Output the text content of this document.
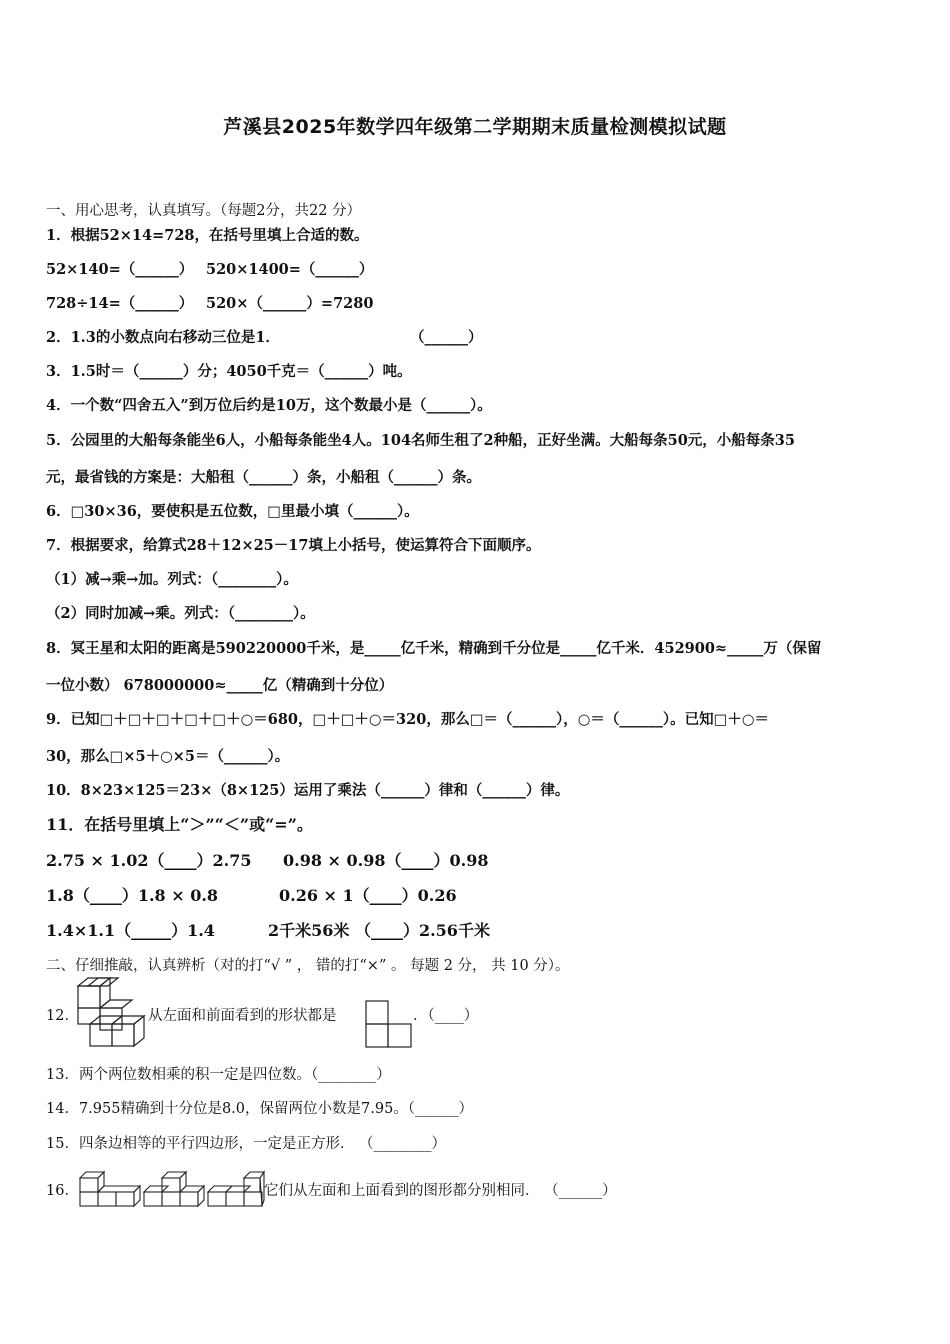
芦溪县2025年数学四年级第二学期期末质量检测模拟试题
一、用心思考，认真填写。（每题2分，共22 分）
1．根据52×14=728，在括号里填上合适的数。
52×140=（______） 520×1400=（______）
728÷14=（______） 520×（______）=7280
2．1.3的小数点向右移动三位是1．	（______）
3．1.5时＝（______）分；4050千克＝（______）吨。
4．一个数“四舍五入”到万位后约是10万，这个数最小是（______）。
5．公园里的大船每条能坐6人，小船每条能坐4人。104名师生租了2种船，正好坐满。大船每条50元，小船每条35
元，最省钱的方案是：大船租（______）条，小船租（______）条。
6．□30×36，要使积是五位数，□里最小填（______）。
7．根据要求，给算式28＋12×25－17填上小括号，使运算符合下面顺序。
（1）减→乘→加。列式：（________）。
（2）同时加减→乘。列式：（________）。
8．冥王星和太阳的距离是590220000千米，是_____亿千米，精确到千分位是_____亿千米．452900≈_____万（保留
一位小数） 678000000≈_____亿（精确到十分位）
9．已知□＋□＋□＋□＋□＋○＝680，□＋□＋○＝320，那么□＝（______），○＝（______）。已知□＋○＝
30，那么□×5＋○×5＝（______）。
10．8×23×125＝23×（8×125）运用了乘法（______）律和（______）律。
11．在括号里填上“＞”“＜”或“=”。
2.75 × 1.02（____）2.75 0.98 × 0.98（____）0.98
1.8（____）1.8 × 0.8	0.26 × 1（____）0.26
1.4×1.1（_____）1.4	2千米56米 （____）2.56千米
二、仔细推敲，认真辨析（对的打“√ ” ， 错的打“×” 。 每题 2 分， 共 10 分）。
12．	从左面和前面看到的形状都是	．（____）
13．两个两位数相乘的积一定是四位数。（________）
14．7.955精确到十分位是8.0，保留两位小数是7.95。（______）
15．四条边相等的平行四边形，一定是正方形． （________）
16．	它们从左面和上面看到的图形都分别相同． （______）
